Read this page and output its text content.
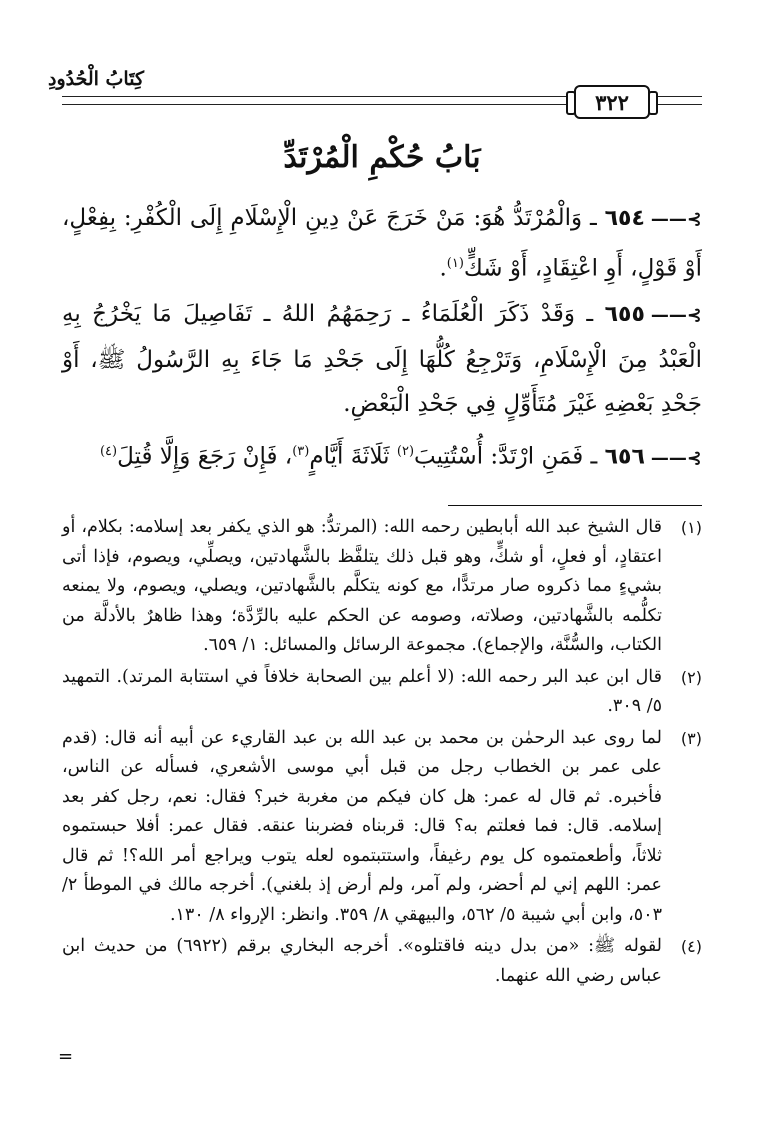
كِتَابُ الْحُدُودِ
٣٢٢
بَابُ حُكْمِ الْمُرْتَدِّ
⊱——٦٥٤ ـ وَالْمُرْتَدُّ هُوَ: مَنْ خَرَجَ عَنْ دِينِ الْإِسْلَامِ إِلَى الْكُفْرِ: بِفِعْلٍ، أَوْ قَوْلٍ، أَوِ اعْتِقَادٍ، أَوْ شَكٍّ$^{(١)}$.
⊱——٦٥٥ ـ وَقَدْ ذَكَرَ الْعُلَمَاءُ ـ رَحِمَهُمُ اللهُ ـ تَفَاصِيلَ مَا يَخْرُجُ بِهِ الْعَبْدُ مِنَ الْإِسْلَامِ، وَتَرْجِعُ كُلُّهَا إِلَى جَحْدِ مَا جَاءَ بِهِ الرَّسُولُ ﷺ، أَوْ جَحْدِ بَعْضِهِ غَيْرَ مُتَأَوِّلٍ فِي جَحْدِ الْبَعْضِ.
⊱——٦٥٦ ـ فَمَنِ ارْتَدَّ: أُسْتُتِيبَ$^{(٢)}$ ثَلَاثَةَ أَيَّامٍ$^{(٣)}$، فَإِنْ رَجَعَ وَإِلَّا قُتِلَ$^{(٤)}$
(١)
قال الشيخ عبد الله أبابطين رحمه الله: (المرتدُّ: هو الذي يكفر بعد إسلامه: بكلام، أو اعتقادٍ، أو فعلٍ، أو شكٍّ، وهو قبل ذلك يتلفَّظ بالشَّهادتين، ويصلِّي، ويصوم، فإذا أتى بشيءٍ مما ذكروه صار مرتدًّا، مع كونه يتكلَّم بالشَّهادتين، ويصلي، ويصوم، ولا يمنعه تكلُّمه بالشَّهادتين، وصلاته، وصومه عن الحكم عليه بالرِّدَّة؛ وهذا ظاهرٌ بالأدلَّة من الكتاب، والسُّنَّة، والإجماع). مجموعة الرسائل والمسائل: ١/ ٦٥٩.
(٢)
قال ابن عبد البر رحمه الله: (لا أعلم بين الصحابة خلافاً في استتابة المرتد). التمهيد ٥/ ٣٠٩.
(٣)
لما روى عبد الرحمٰن بن محمد بن عبد الله بن عبد القاريء عن أبيه أنه قال: (قدم على عمر بن الخطاب رجل من قبل أبي موسى الأشعري، فسأله عن الناس، فأخبره. ثم قال له عمر: هل كان فيكم من مغربة خبر؟ فقال: نعم، رجل كفر بعد إسلامه. قال: فما فعلتم به؟ قال: قربناه فضربنا عنقه. فقال عمر: أفلا حبستموه ثلاثاً، وأطعمتموه كل يوم رغيفاً، واستتبتموه لعله يتوب ويراجع أمر الله؟! ثم قال عمر: اللهم إني لم أحضر، ولم آمر، ولم أرض إذ بلغني). أخرجه مالك في الموطأ ٢/ ٥٠٣، وابن أبي شيبة ٥/ ٥٦٢، والبيهقي ٨/ ٣٥٩. وانظر: الإرواء ٨/ ١٣٠.
(٤)
لقوله ﷺ: «من بدل دينه فاقتلوه». أخرجه البخاري برقم (٦٩٢٢) من حديث ابن عباس رضي الله عنهما.
=
